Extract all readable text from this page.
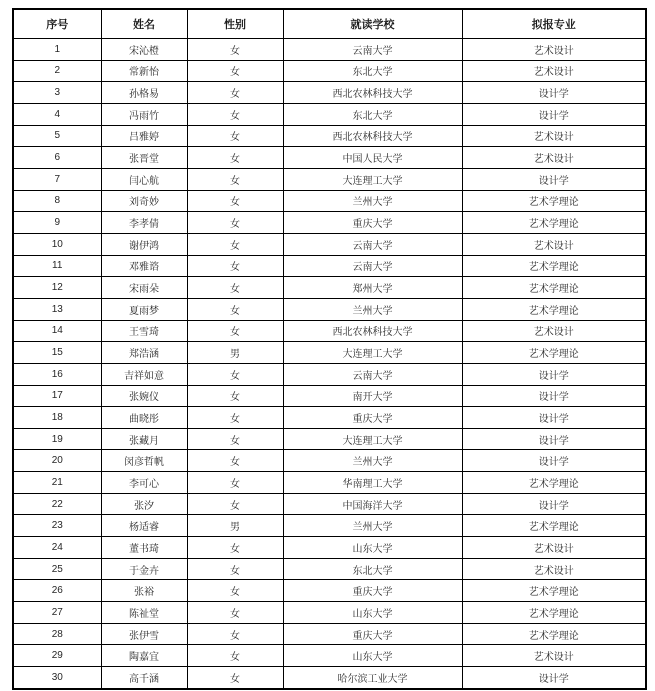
序号	姓名	性别	就读学校	拟报专业
1	宋沁橙	女	云南大学	艺术设计
2	常新怡	女	东北大学	艺术设计
3	孙格易	女	西北农林科技大学	设计学
4	冯雨竹	女	东北大学	设计学
5	吕雅婷	女	西北农林科技大学	艺术设计
6	张晋堂	女	中国人民大学	艺术设计
7	闫心航	女	大连理工大学	设计学
8	刘奇妙	女	兰州大学	艺术学理论
9	李孝倩	女	重庆大学	艺术学理论
10	谢伊鸿	女	云南大学	艺术设计
11	邓雅谘	女	云南大学	艺术学理论
12	宋雨朵	女	郑州大学	艺术学理论
13	夏雨梦	女	兰州大学	艺术学理论
14	王雪琦	女	西北农林科技大学	艺术设计
15	郑浩涵	男	大连理工大学	艺术学理论
16	吉祥如意	女	云南大学	设计学
17	张婉仪	女	南开大学	设计学
18	曲晓彤	女	重庆大学	设计学
19	张藏月	女	大连理工大学	设计学
20	闵彦哲帆	女	兰州大学	设计学
21	李可心	女	华南理工大学	艺术学理论
22	张汐	女	中国海洋大学	设计学
23	杨适睿	男	兰州大学	艺术学理论
24	董书琦	女	山东大学	艺术设计
25	于金卉	女	东北大学	艺术设计
26	张裕	女	重庆大学	艺术学理论
27	陈祉堂	女	山东大学	艺术学理论
28	张伊雪	女	重庆大学	艺术学理论
29	陶嘉宜	女	山东大学	艺术设计
30	高千涵	女	哈尔滨工业大学	设计学
